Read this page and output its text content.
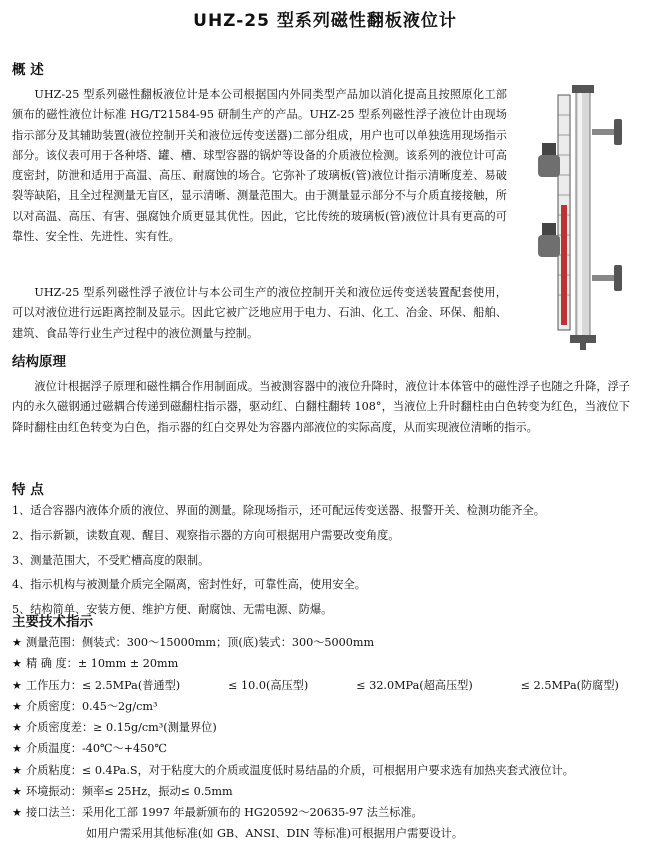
UHZ-25 型系列磁性翻板液位计
概 述

UHZ-25 型系列磁性翻板液位计是本公司根据国内外同类型产品加以消化提高且按照原化工部颁布的磁性液位计标准 HG/T21584-95 研制生产的产品。UHZ-25 型系列磁性浮子液位计由现场指示部分及其辅助装置(液位控制开关和液位远传变送器)二部分组成，用户也可以单独选用现场指示部分。该仪表可用于各种塔、罐、槽、球型容器的锅炉等设备的介质液位检测。该系列的液位计可高度密封，防泄和适用于高温、高压、耐腐蚀的场合。它弥补了玻璃板(管)液位计指示清晰度差、易破裂等缺陷，且全过程测量无盲区，显示清晰、测量范围大。由于测量显示部分不与介质直接接触，所以对高温、高压、有害、强腐蚀介质更显其优性。因此，它比传统的玻璃板(管)液位计具有更高的可靠性、安全性、先进性、实有性。

UHZ-25 型系列磁性浮子液位计与本公司生产的液位控制开关和液位远传变送装置配套使用，可以对液位进行远距离控制及显示。因此它被广泛地应用于电力、石油、化工、冶金、环保、船舶、建筑、食品等行业生产过程中的液位测量与控制。

结构原理

液位计根据浮子原理和磁性耦合作用制面成。当被测容器中的液位升降时，液位计本体管中的磁性浮子也随之升降，浮子内的永久磁钢通过磁耦合传递到磁翻柱指示器，驱动红、白翻柱翻转 108°，当液位上升时翻柱由白色转变为红色，当液位下降时翻柱由红色转变为白色，指示器的红白交界处为容器内部液位的实际高度，从而实现液位清晰的指示。

特 点
1、适合容器内液体介质的液位、界面的测量。除现场指示，还可配远传变送器、报警开关、检测功能齐全。
2、指示新颖，读数直观、醒目、观察指示器的方向可根据用户需要改变角度。
3、测量范围大，不受贮槽高度的限制。
4、指示机构与被测量介质完全隔离，密封性好，可靠性高，使用安全。
5、结构简单、安装方便、维护方便、耐腐蚀、无需电源、防爆。
主要技术指示
★ 测量范围：侧装式：300～15000mm；顶(底)装式：300～5000mm
★ 精 确 度：± 10mm ± 20mm
★ 工作压力：≤ 2.5MPa(普通型)	≤ 10.0(高压型)	≤ 32.0MPa(超高压型)	≤ 2.5MPa(防腐型)
★ 介质密度：0.45～2g/cm³
★ 介质密度差：≥ 0.15g/cm³(测量界位)
★ 介质温度：-40℃～+450℃
★ 介质粘度：≤ 0.4Pa.S，对于粘度大的介质或温度低时易结晶的介质，可根据用户要求选有加热夹套式液位计。
★ 环境振动：频率≤ 25Hz，振动≤ 0.5mm
★ 接口法兰：采用化工部 1997 年最新颁布的 HG20592～20635-97 法兰标准。
如用户需采用其他标准(如 GB、ANSI、DIN 等标准)可根据用户需要设计。
